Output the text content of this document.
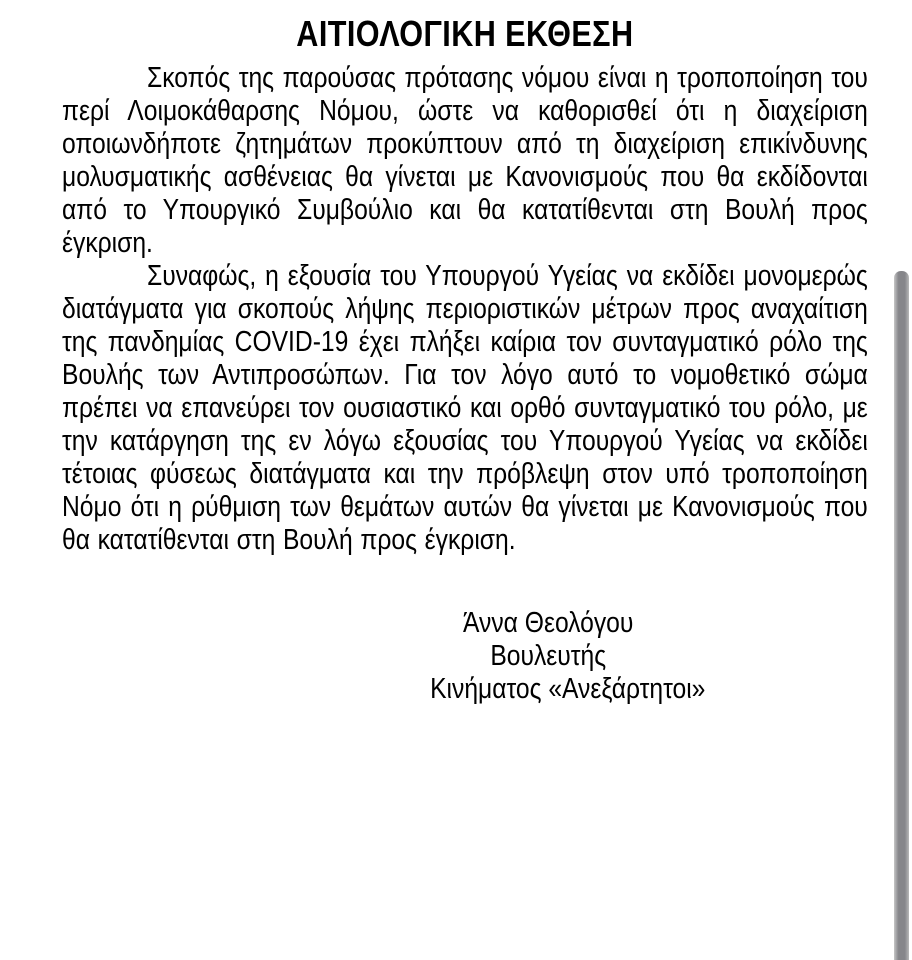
ΑΙΤΙΟΛΟΓΙΚΗ ΕΚΘΕΣΗ

Σκοπός της παρούσας πρότασης νόμου είναι η τροποποίηση του περί Λοιμοκάθαρσης Νόμου, ώστε να καθορισθεί ότι η διαχείριση οποιωνδήποτε ζητημάτων προκύπτουν από τη διαχείριση επικίνδυνης μολυσματικής ασθένειας θα γίνεται με Κανονισμούς που θα εκδίδονται από το Υπουργικό Συμβούλιο και θα κατατίθενται στη Βουλή προς έγκριση.

Συναφώς, η εξουσία του Υπουργού Υγείας να εκδίδει μονομερώς διατάγματα για σκοπούς λήψης περιοριστικών μέτρων προς αναχαίτιση της πανδημίας COVID-19 έχει πλήξει καίρια τον συνταγματικό ρόλο της Βουλής των Αντιπροσώπων. Για τον λόγο αυτό το νομοθετικό σώμα πρέπει να επανεύρει τον ουσιαστικό και ορθό συνταγματικό του ρόλο, με την κατάργηση της εν λόγω εξουσίας του Υπουργού Υγείας να εκδίδει τέτοιας φύσεως διατάγματα και την πρόβλεψη στον υπό τροποποίηση Νόμο ότι η ρύθμιση των θεμάτων αυτών θα γίνεται με Κανονισμούς που θα κατατίθενται στη Βουλή προς έγκριση.

Άννα Θεολόγου
Βουλευτής
Κινήματος «Ανεξάρτητοι»
